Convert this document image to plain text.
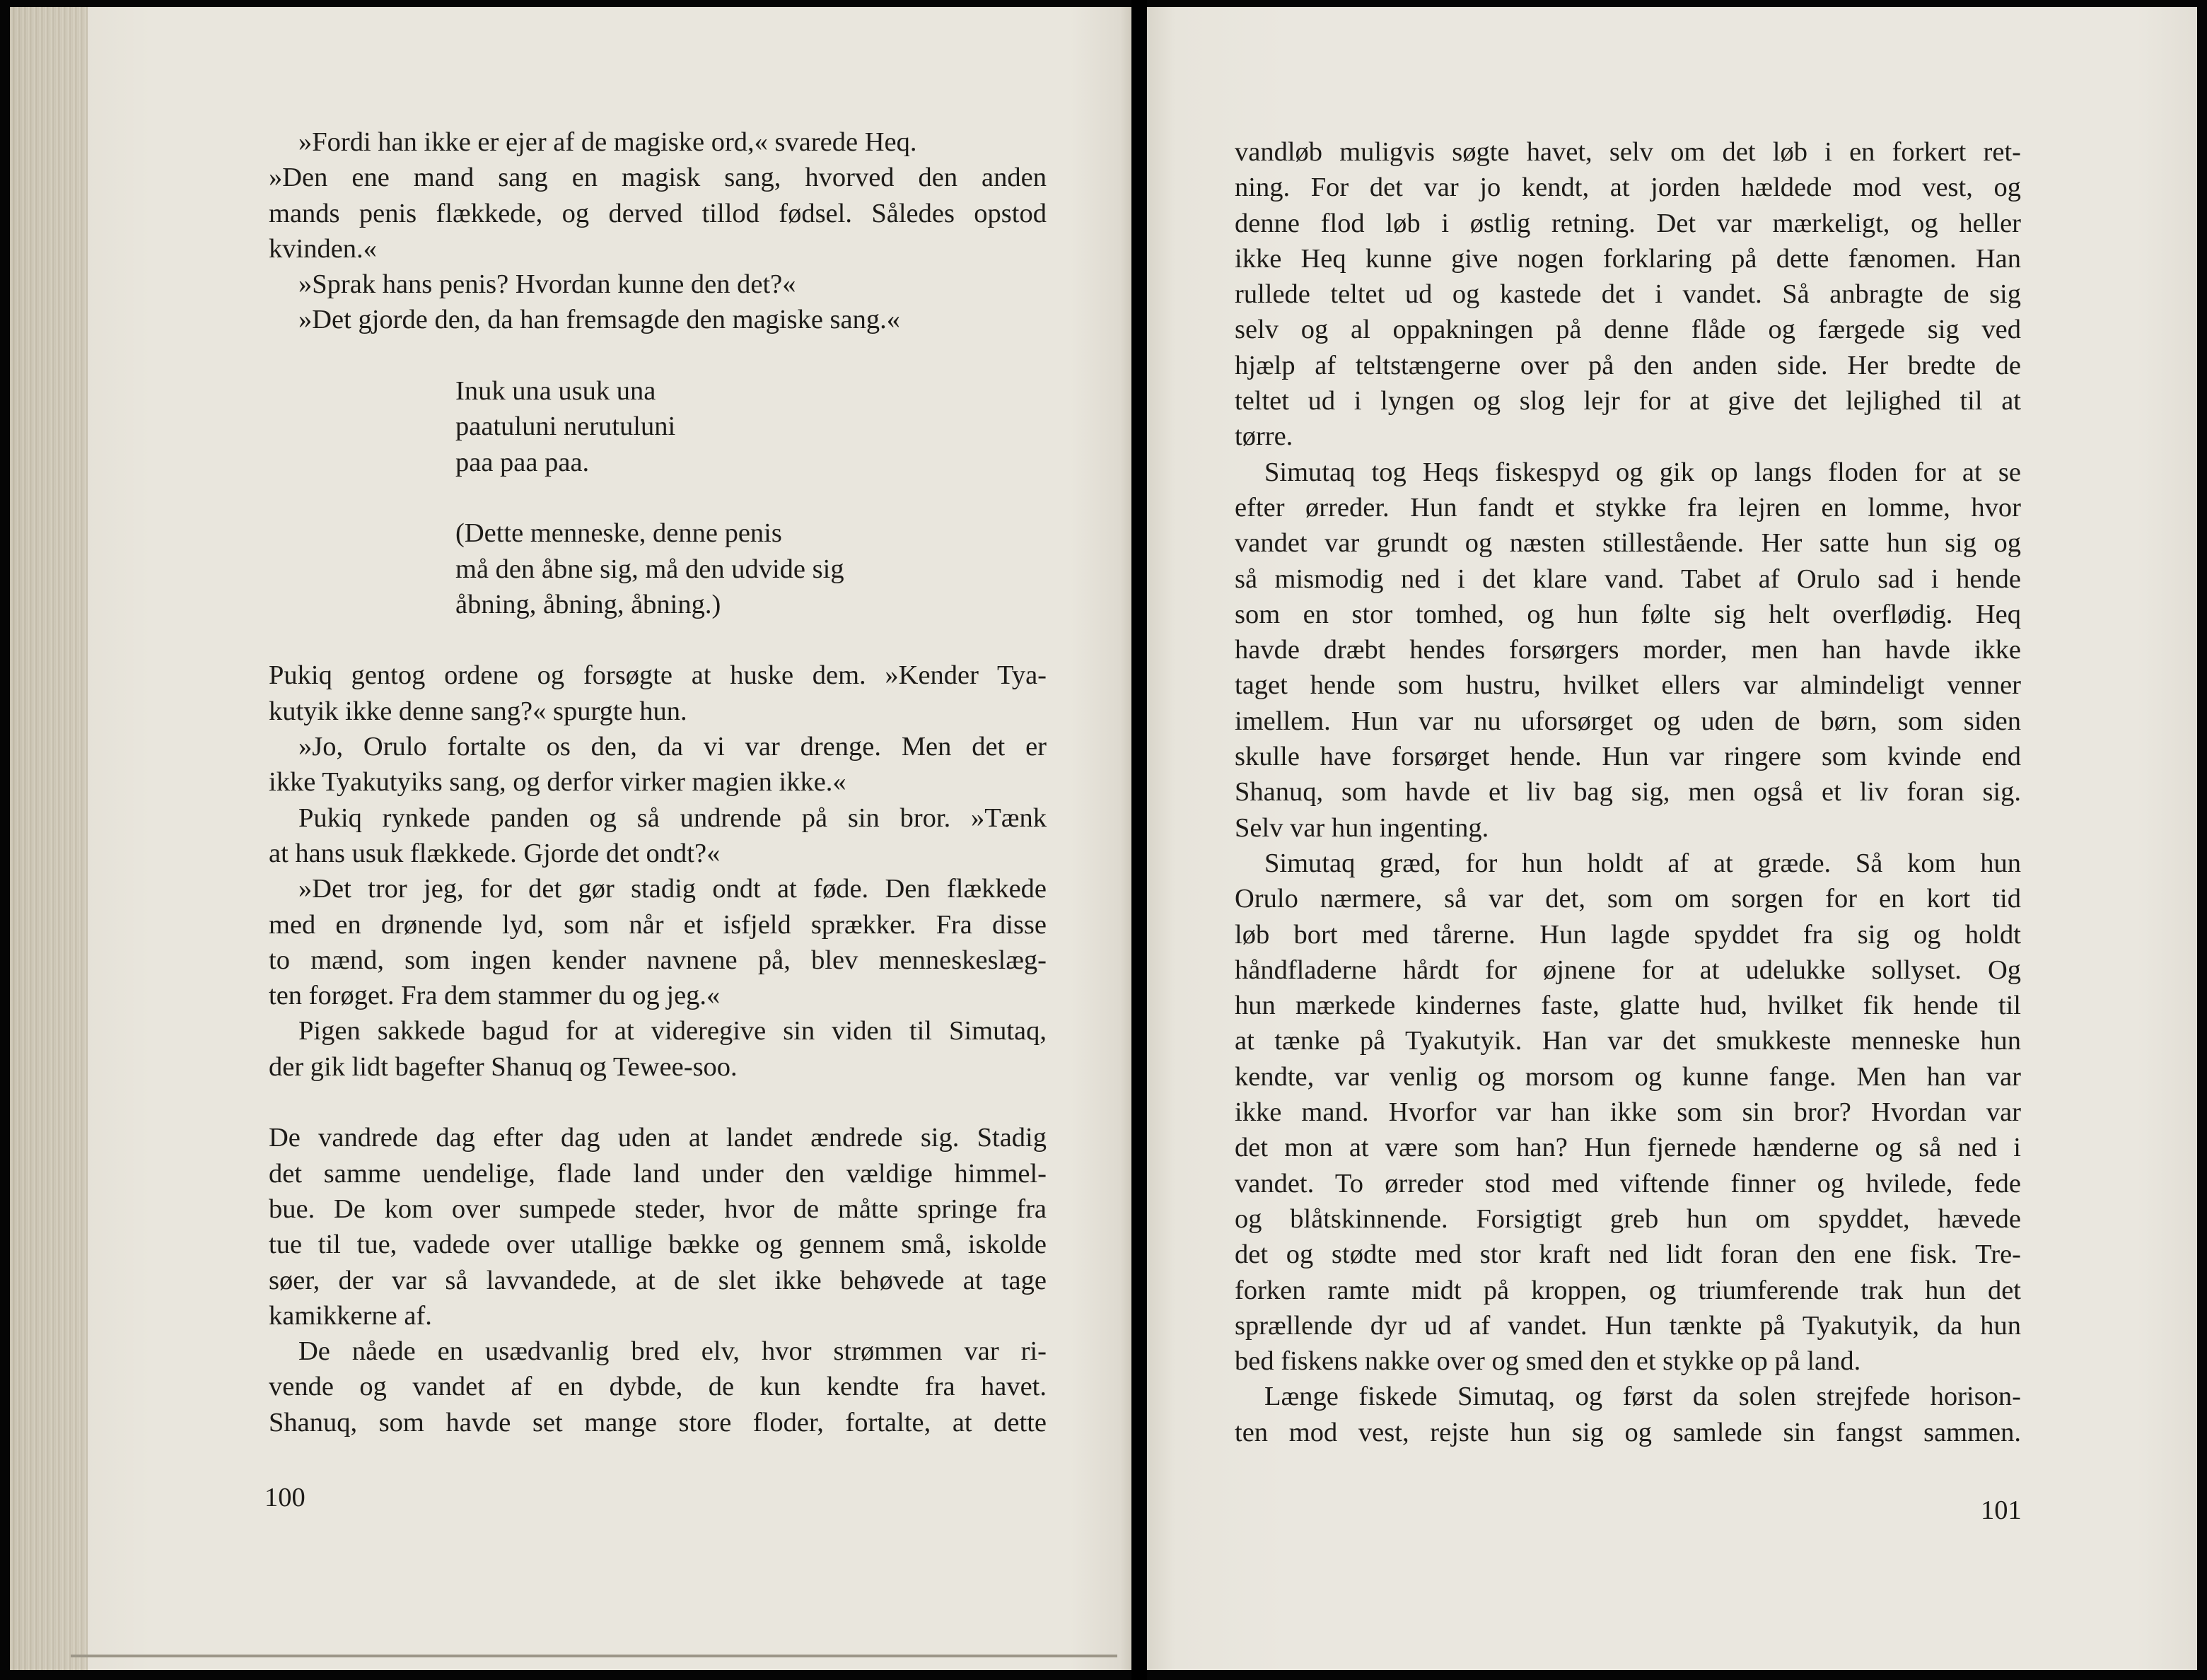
»Fordi han ikke er ejer af de magiske ord,« svarede Heq.
»Den ene mand sang en magisk sang, hvorved den anden
mands penis flækkede, og derved tillod fødsel. Således opstod
kvinden.«
»Sprak hans penis? Hvordan kunne den det?«
»Det gjorde den, da han fremsagde den magiske sang.«
Inuk una usuk una
paatuluni nerutuluni
paa paa paa.
(Dette menneske, denne penis
må den åbne sig, må den udvide sig
åbning, åbning, åbning.)
Pukiq gentog ordene og forsøgte at huske dem. »Kender Tya-
kutyik ikke denne sang?« spurgte hun.
»Jo, Orulo fortalte os den, da vi var drenge. Men det er
ikke Tyakutyiks sang, og derfor virker magien ikke.«
Pukiq rynkede panden og så undrende på sin bror. »Tænk
at hans usuk flækkede. Gjorde det ondt?«
»Det tror jeg, for det gør stadig ondt at føde. Den flækkede
med en drønende lyd, som når et isfjeld sprækker. Fra disse
to mænd, som ingen kender navnene på, blev menneskeslæg-
ten forøget. Fra dem stammer du og jeg.«
Pigen sakkede bagud for at videregive sin viden til Simutaq,
der gik lidt bagefter Shanuq og Tewee-soo.
De vandrede dag efter dag uden at landet ændrede sig. Stadig
det samme uendelige, flade land under den vældige himmel-
bue. De kom over sumpede steder, hvor de måtte springe fra
tue til tue, vadede over utallige bække og gennem små, iskolde
søer, der var så lavvandede, at de slet ikke behøvede at tage
kamikkerne af.
De nåede en usædvanlig bred elv, hvor strømmen var ri-
vende og vandet af en dybde, de kun kendte fra havet.
Shanuq, som havde set mange store floder, fortalte, at dette
100
vandløb muligvis søgte havet, selv om det løb i en forkert ret-
ning. For det var jo kendt, at jorden hældede mod vest, og
denne flod løb i østlig retning. Det var mærkeligt, og heller
ikke Heq kunne give nogen forklaring på dette fænomen. Han
rullede teltet ud og kastede det i vandet. Så anbragte de sig
selv og al oppakningen på denne flåde og færgede sig ved
hjælp af teltstængerne over på den anden side. Her bredte de
teltet ud i lyngen og slog lejr for at give det lejlighed til at
tørre.
Simutaq tog Heqs fiskespyd og gik op langs floden for at se
efter ørreder. Hun fandt et stykke fra lejren en lomme, hvor
vandet var grundt og næsten stillestående. Her satte hun sig og
så mismodig ned i det klare vand. Tabet af Orulo sad i hende
som en stor tomhed, og hun følte sig helt overflødig. Heq
havde dræbt hendes forsørgers morder, men han havde ikke
taget hende som hustru, hvilket ellers var almindeligt venner
imellem. Hun var nu uforsørget og uden de børn, som siden
skulle have forsørget hende. Hun var ringere som kvinde end
Shanuq, som havde et liv bag sig, men også et liv foran sig.
Selv var hun ingenting.
Simutaq græd, for hun holdt af at græde. Så kom hun
Orulo nærmere, så var det, som om sorgen for en kort tid
løb bort med tårerne. Hun lagde spyddet fra sig og holdt
håndfladerne hårdt for øjnene for at udelukke sollyset. Og
hun mærkede kindernes faste, glatte hud, hvilket fik hende til
at tænke på Tyakutyik. Han var det smukkeste menneske hun
kendte, var venlig og morsom og kunne fange. Men han var
ikke mand. Hvorfor var han ikke som sin bror? Hvordan var
det mon at være som han? Hun fjernede hænderne og så ned i
vandet. To ørreder stod med viftende finner og hvilede, fede
og blåtskinnende. Forsigtigt greb hun om spyddet, hævede
det og stødte med stor kraft ned lidt foran den ene fisk. Tre-
forken ramte midt på kroppen, og triumferende trak hun det
sprællende dyr ud af vandet. Hun tænkte på Tyakutyik, da hun
bed fiskens nakke over og smed den et stykke op på land.
Længe fiskede Simutaq, og først da solen strejfede horison-
ten mod vest, rejste hun sig og samlede sin fangst sammen.
101
